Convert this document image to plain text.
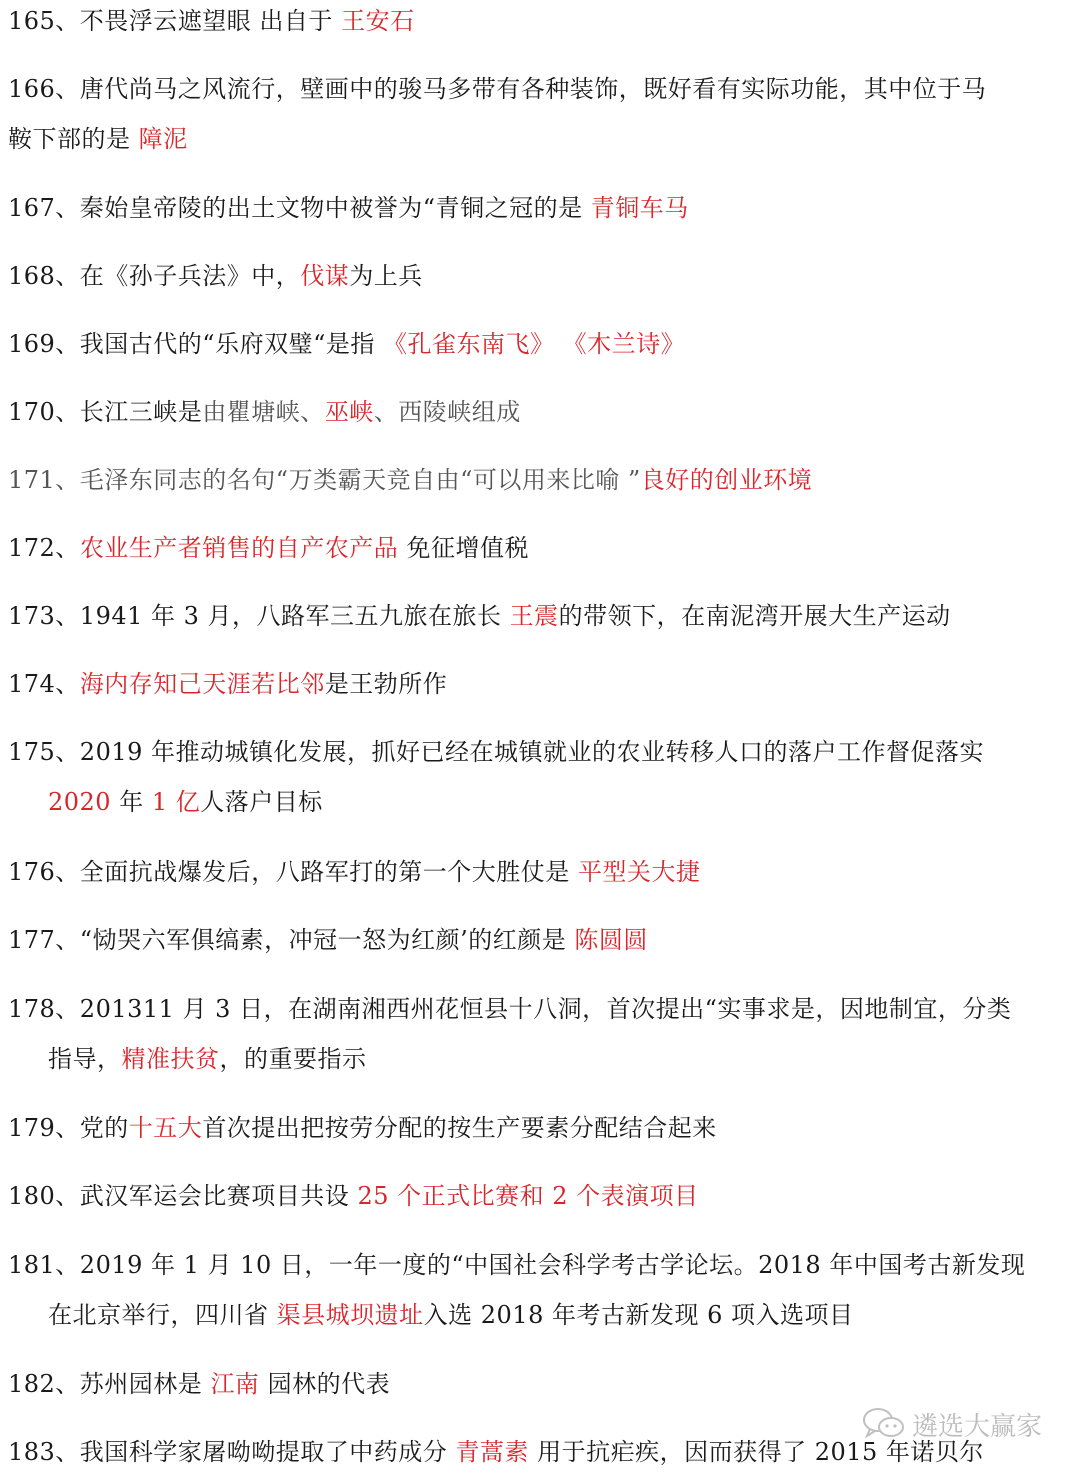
165、不畏浮云遮望眼 出自于 王安石
166、唐代尚马之风流行，壁画中的骏马多带有各种装饰，既好看有实际功能，其中位于马
鞍下部的是 障泥
167、秦始皇帝陵的出土文物中被誉为“青铜之冠的是 青铜车马
168、在《孙子兵法》中，伐谋为上兵
169、我国古代的“乐府双璧“是指 《孔雀东南飞》 《木兰诗》
170、长江三峡是由瞿塘峡、巫峡、西陵峡组成
171、毛泽东同志的名句“万类霸天竞自由“可以用来比喻 ”良好的创业环境
172、农业生产者销售的自产农产品 免征增值税
173、1941 年 3 月，八路军三五九旅在旅长 王震的带领下，在南泥湾开展大生产运动
174、海内存知己天涯若比邻是王勃所作
175、2019 年推动城镇化发展，抓好已经在城镇就业的农业转移人口的落户工作督促落实
2020 年 1 亿人落户目标
176、全面抗战爆发后，八路军打的第一个大胜仗是 平型关大捷
177、“恸哭六军俱缟素，冲冠一怒为红颜’的红颜是 陈圆圆
178、201311 月 3 日，在湖南湘西州花恒县十八洞，首次提出“实事求是，因地制宜，分类
指导，精准扶贫，的重要指示
179、党的十五大首次提出把按劳分配的按生产要素分配结合起来
180、武汉军运会比赛项目共设 25 个正式比赛和 2 个表演项目
181、2019 年 1 月 10 日，一年一度的“中国社会科学考古学论坛。2018 年中国考古新发现
在北京举行，四川省 渠县城坝遗址入选 2018 年考古新发现 6 项入选项目
182、苏州园林是 江南 园林的代表
183、我国科学家屠呦呦提取了中药成分 青蒿素 用于抗疟疾，因而获得了 2015 年诺贝尔
遴选大赢家
